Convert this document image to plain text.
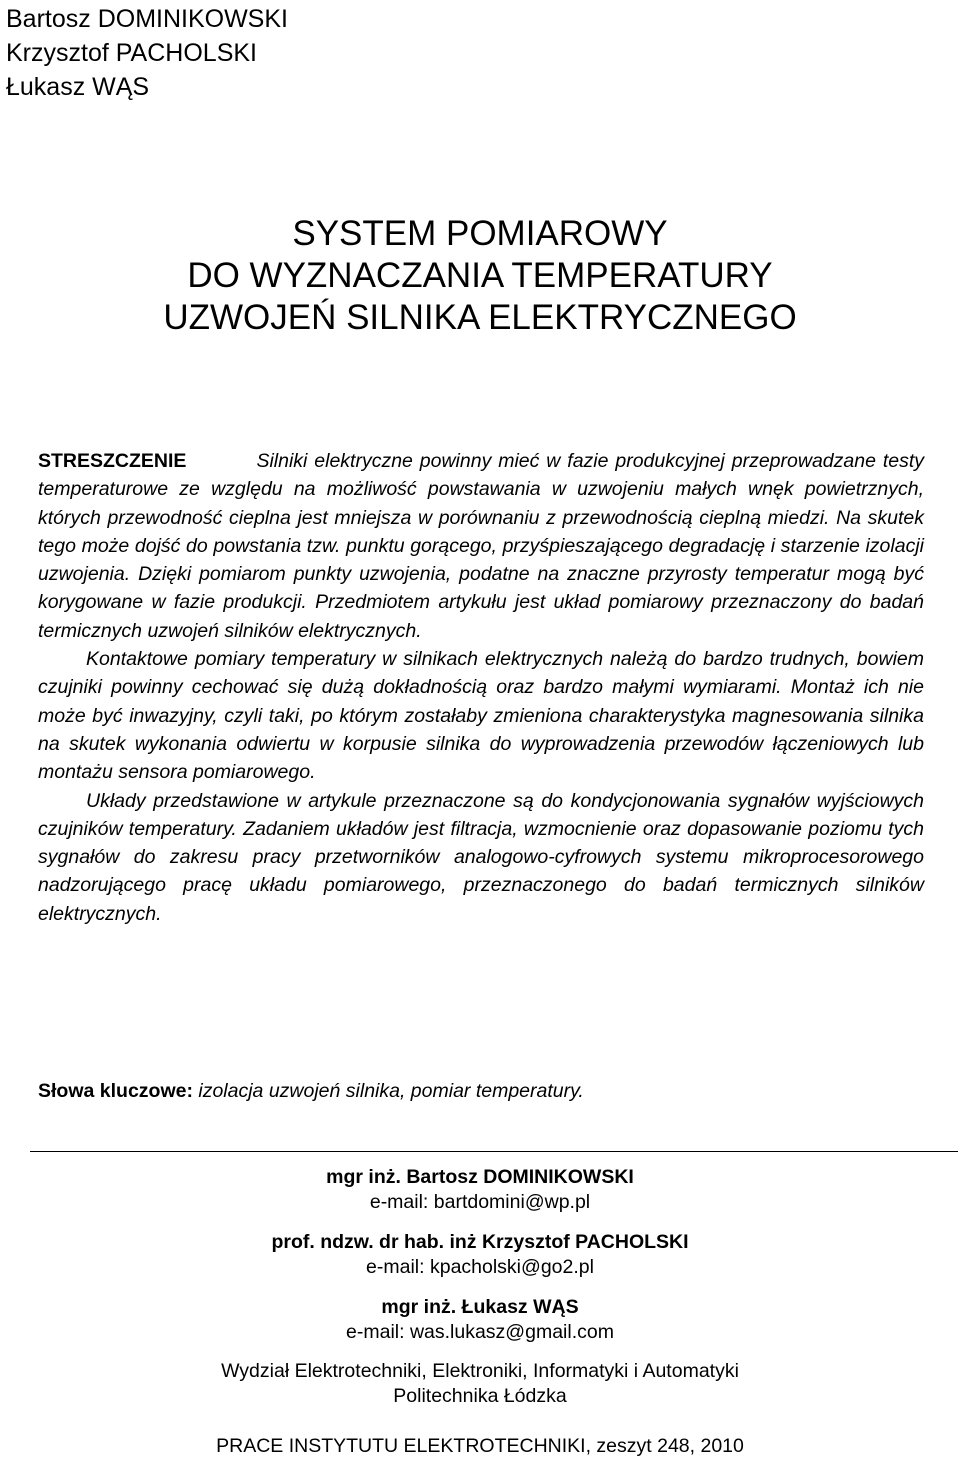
Bartosz DOMINIKOWSKI
Krzysztof PACHOLSKI
Łukasz WĄS
SYSTEM POMIAROWY
DO WYZNACZANIA TEMPERATURY
UZWOJEŃ SILNIKA ELEKTRYCZNEGO

STRESZCZENIE	Silniki elektryczne powinny mieć w fazie produkcyjnej przeprowadzane testy temperaturowe ze względu na możliwość powstawania w uzwojeniu małych wnęk powietrznych, których przewodność cieplna jest mniejsza w porównaniu z przewodnością cieplną miedzi. Na skutek tego może dojść do powstania tzw. punktu gorącego, przyśpieszającego degradację i starzenie izolacji uzwojenia. Dzięki pomiarom punkty uzwojenia, podatne na znaczne przyrosty temperatur mogą być korygowane w fazie produkcji. Przedmiotem artykułu jest układ pomiarowy przeznaczony do badań termicznych uzwojeń silników elektrycznych.

Kontaktowe pomiary temperatury w silnikach elektrycznych należą do bardzo trudnych, bowiem czujniki powinny cechować się dużą dokładnością oraz bardzo małymi wymiarami. Montaż ich nie może być inwazyjny, czyli taki, po którym zostałaby zmieniona charakterystyka magnesowania silnika na skutek wykonania odwiertu w korpusie silnika do wyprowadzenia przewodów łączeniowych lub montażu sensora pomiarowego.

Układy przedstawione w artykule przeznaczone są do kondycjonowania sygnałów wyjściowych czujników temperatury. Zadaniem układów jest filtracja, wzmocnienie oraz dopasowanie poziomu tych sygnałów do zakresu pracy przetworników analogowo-cyfrowych systemu mikroprocesorowego nadzorującego pracę układu pomiarowego, przeznaczonego do badań termicznych silników elektrycznych.

Słowa kluczowe: izolacja uzwojeń silnika, pomiar temperatury.
mgr inż. Bartosz DOMINIKOWSKI
e-mail: bartdomini@wp.pl
prof. ndzw. dr hab. inż Krzysztof PACHOLSKI
e-mail: kpacholski@go2.pl
mgr inż. Łukasz WĄS
e-mail: was.lukasz@gmail.com
Wydział Elektrotechniki, Elektroniki, Informatyki i Automatyki
Politechnika Łódzka
PRACE INSTYTUTU ELEKTROTECHNIKI, zeszyt 248, 2010
